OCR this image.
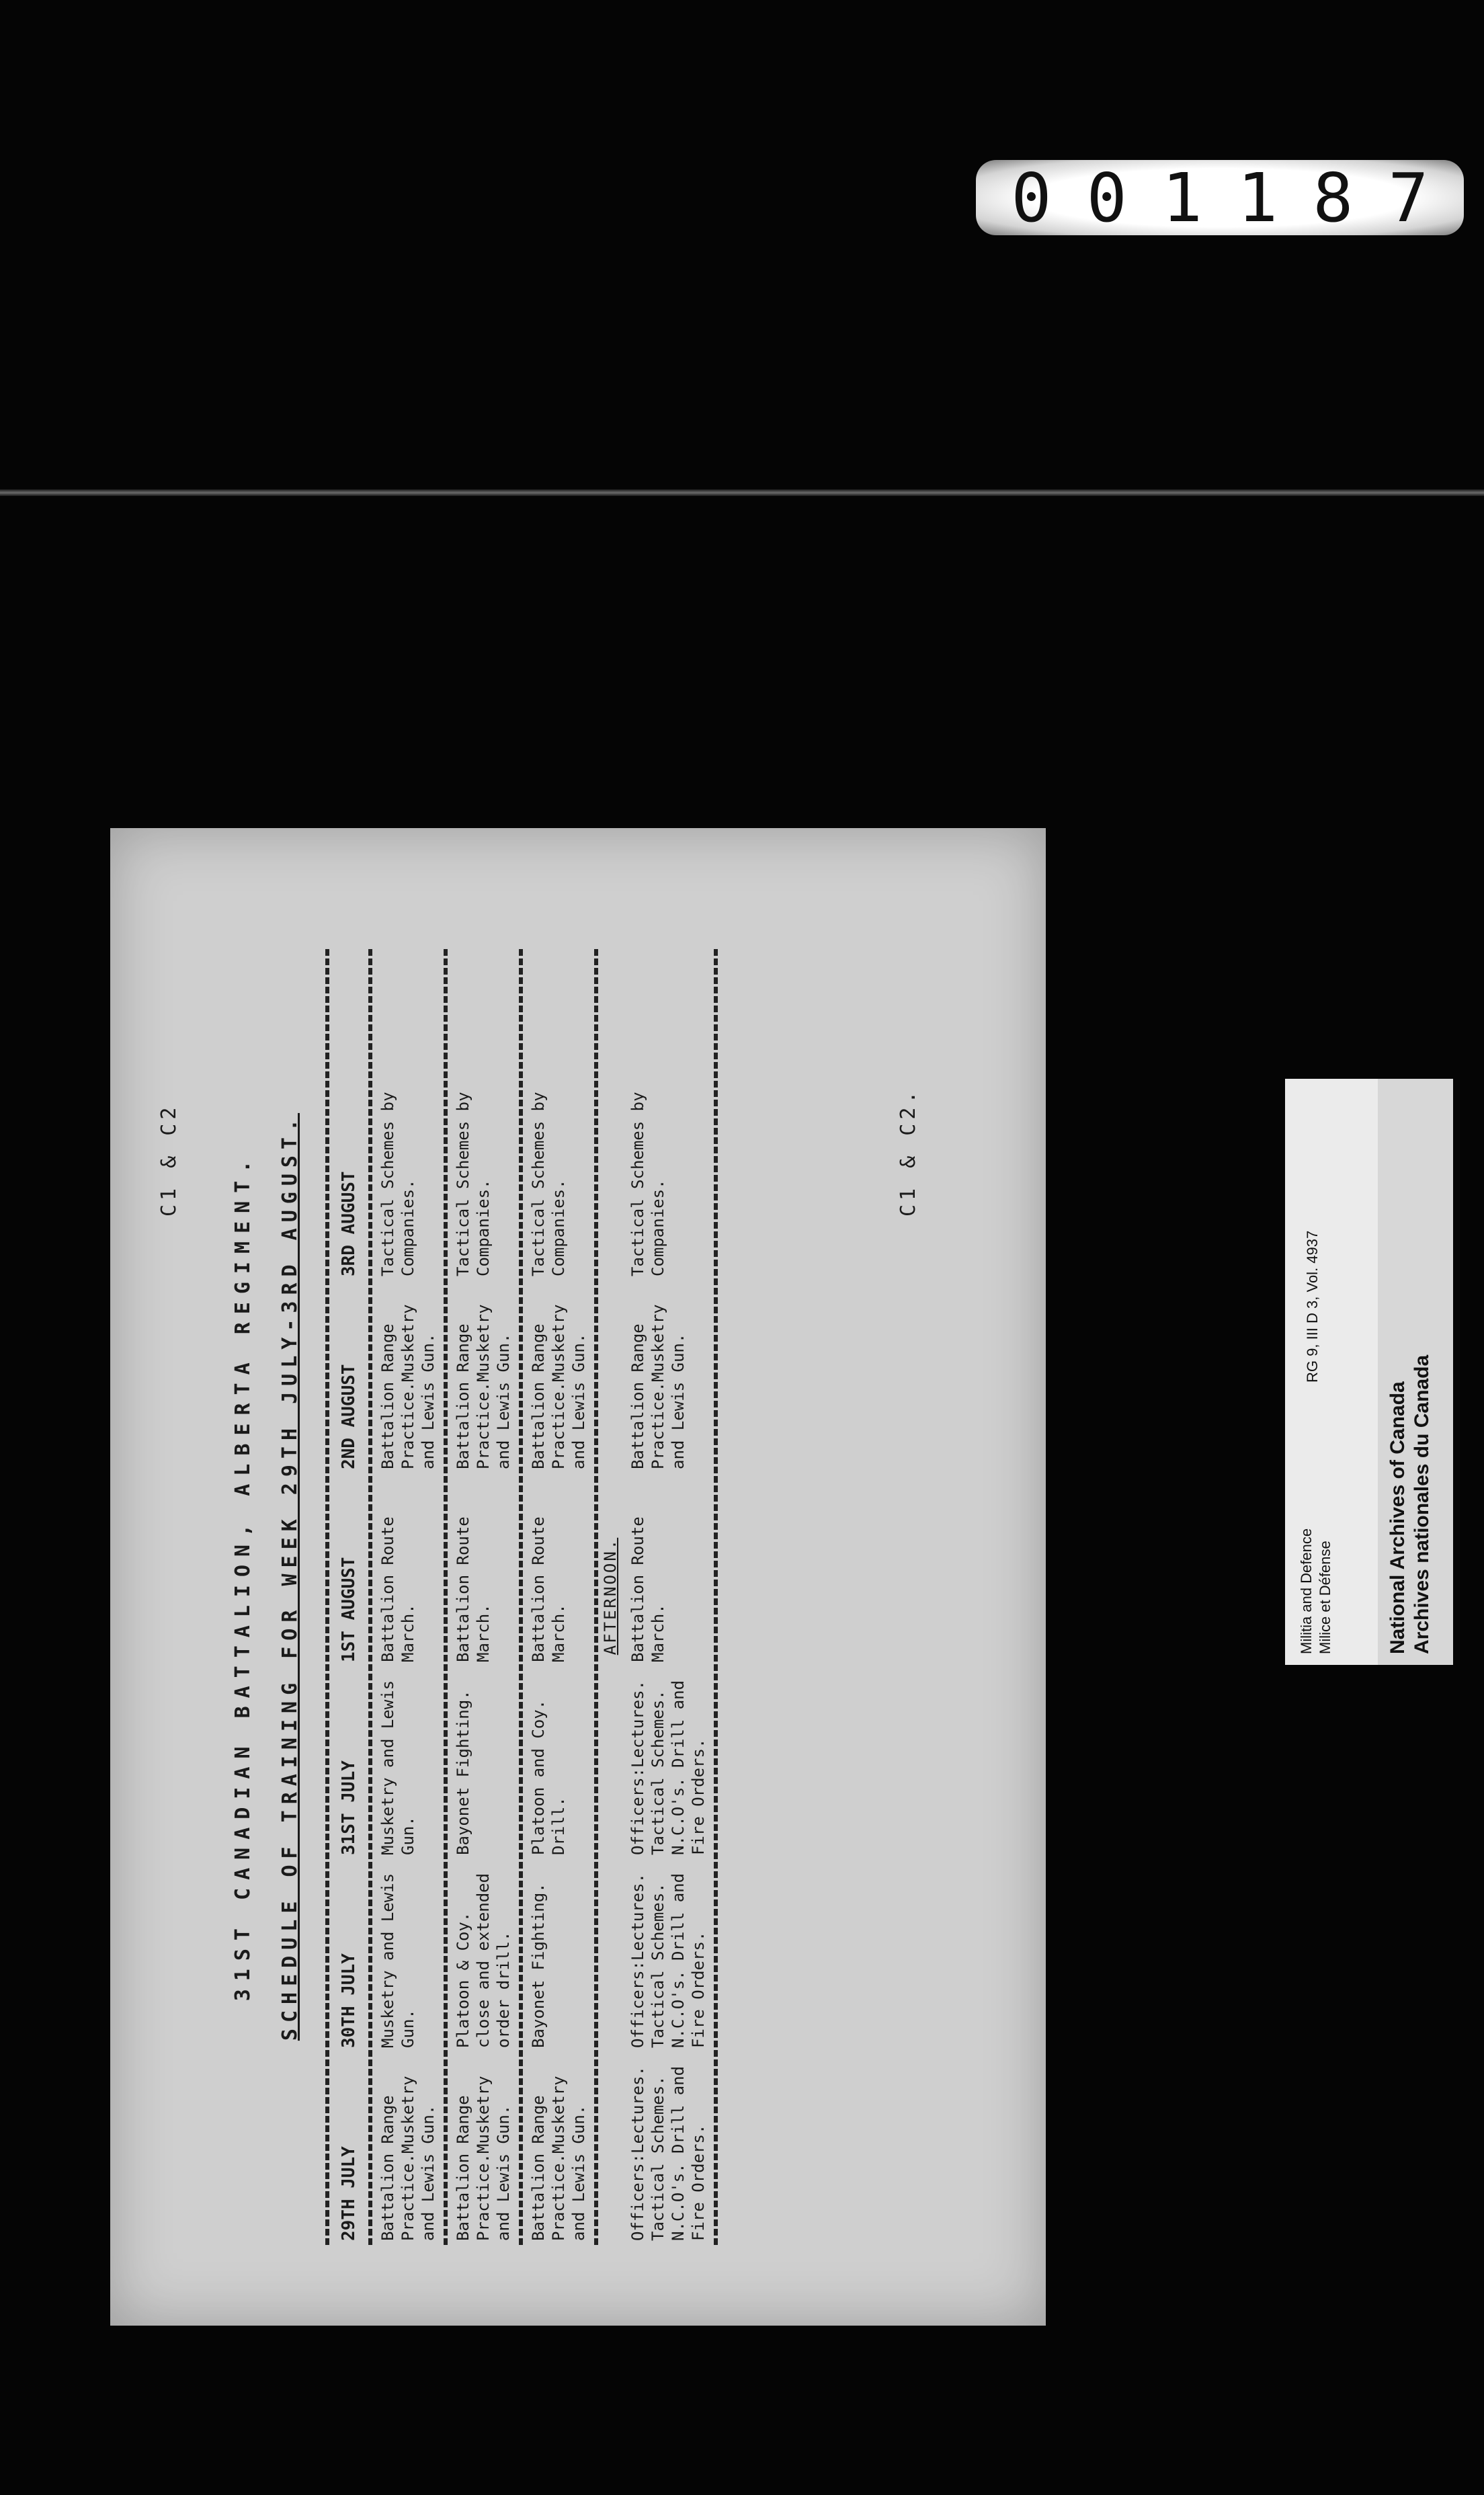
001187
Militia and Defence Milice et Défense
RG 9, III D 3, Vol. 4937
National Archives of Canada Archives nationales du Canada
C1 & C2	31ST CANADIAN BATTALION, ALBERTA REGIMENT. SCHEDULE OF TRAINING FOR WEEK 29TH JULY-3RD AUGUST.
29TH JULY
30TH JULY
31ST JULY
1ST AUGUST
2ND AUGUST
3RD AUGUST
Battalion Range Practice.Musketry and Lewis Gun.
Musketry and Lewis Gun.
Musketry and Lewis Gun.
Battalion Route March.
Battalion Range Practice.Musketry and Lewis Gun.
Tactical Schemes by Companies.
Battalion Range Practice.Musketry and Lewis Gun.
Platoon & Coy. close and extended order drill.
Bayonet Fighting.
Battalion Route March.
Battalion Range Practice.Musketry and Lewis Gun.
Tactical Schemes by Companies.
Battalion Range Practice.Musketry and Lewis Gun.
Bayonet Fighting.
Platoon and Coy. Drill.
Battalion Route March.
Battalion Range Practice.Musketry and Lewis Gun.
Tactical Schemes by Companies.
AFTERNOON.
Officers:Lectures. Tactical Schemes. N.C.O's. Drill and Fire Orders.
Officers:Lectures. Tactical Schemes. N.C.O's. Drill and Fire Orders.
Officers:Lectures. Tactical Schemes. N.C.O's. Drill and Fire Orders.
Battalion Route March.
Battalion Range Practice.Musketry and Lewis Gun.
Tactical Schemes by Companies.
C1 & C2.
